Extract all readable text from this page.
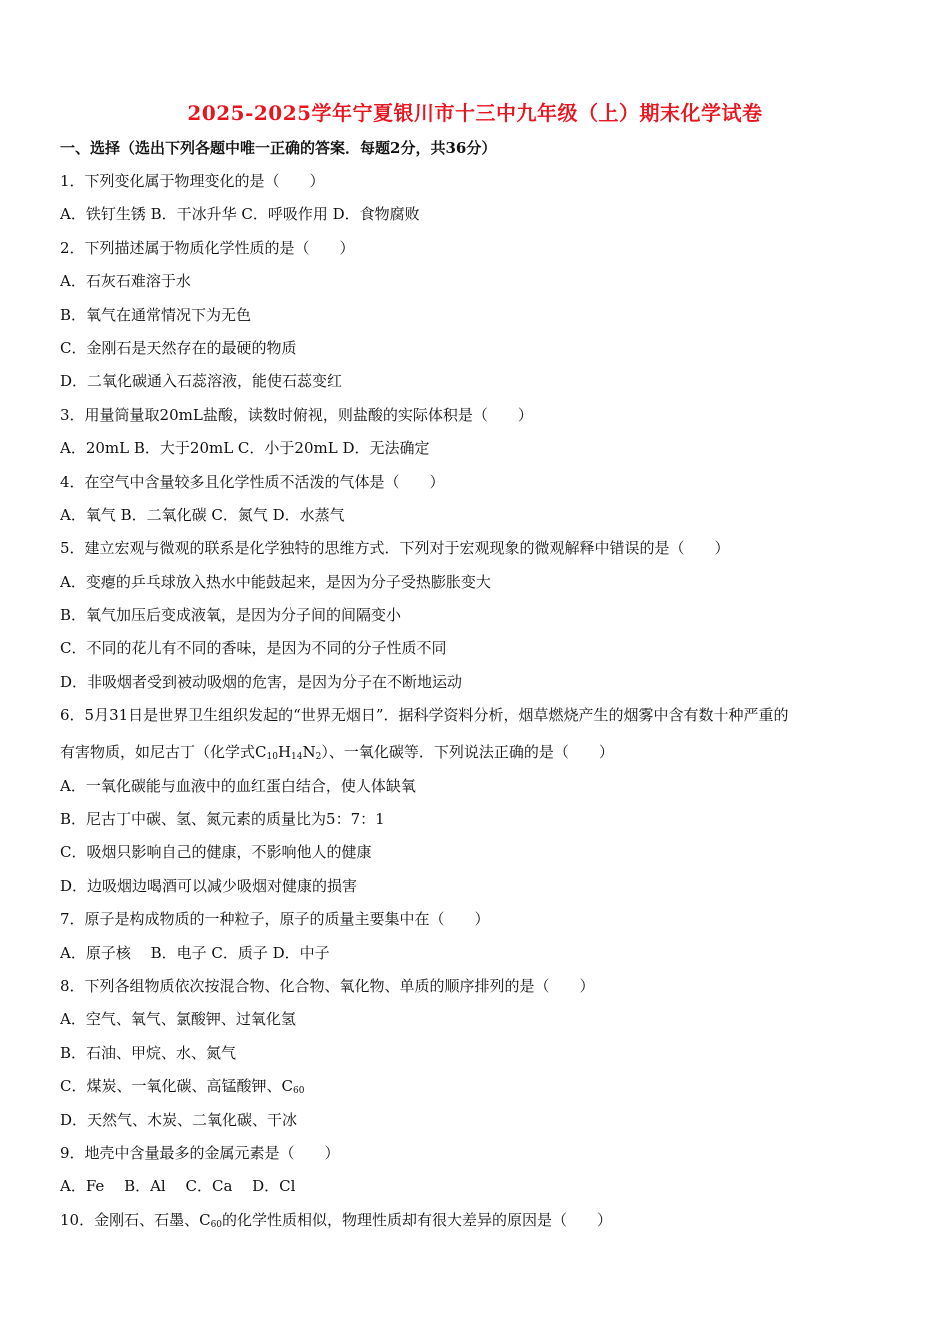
2025-2025学年宁夏银川市十三中九年级（上）期末化学试卷
一、选择（选出下列各题中唯一正确的答案．每题2分，共36分）
1．下列变化属于物理变化的是（　　）
A．铁钉生锈 B．干冰升华 C．呼吸作用 D．食物腐败
2．下列描述属于物质化学性质的是（　　）
A．石灰石难溶于水
B．氧气在通常情况下为无色
C．金刚石是天然存在的最硬的物质
D．二氧化碳通入石蕊溶液，能使石蕊变红
3．用量筒量取20mL盐酸，读数时俯视，则盐酸的实际体积是（　　）
A．20mL B．大于20mL C．小于20mL D．无法确定
4．在空气中含量较多且化学性质不活泼的气体是（　　）
A．氧气 B．二氧化碳 C．氮气 D．水蒸气
5．建立宏观与微观的联系是化学独特的思维方式．下列对于宏观现象的微观解释中错误的是（　　）
A．变瘪的乒乓球放入热水中能鼓起来，是因为分子受热膨胀变大
B．氧气加压后变成液氧，是因为分子间的间隔变小
C．不同的花儿有不同的香味，是因为不同的分子性质不同
D．非吸烟者受到被动吸烟的危害，是因为分子在不断地运动
6．5月31日是世界卫生组织发起的“世界无烟日”．据科学资料分析，烟草燃烧产生的烟雾中含有数十种严重的
有害物质，如尼古丁（化学式$C_{10}H_{14}N_2$）、一氧化碳等．下列说法正确的是（　　）
A．一氧化碳能与血液中的血红蛋白结合，使人体缺氧
B．尼古丁中碳、氢、氮元素的质量比为5：7：1
C．吸烟只影响自己的健康，不影响他人的健康
D．边吸烟边喝酒可以减少吸烟对健康的损害
7．原子是构成物质的一种粒子，原子的质量主要集中在（　　）
A．原子核　 B．电子 C．质子 D．中子
8．下列各组物质依次按混合物、化合物、氧化物、单质的顺序排列的是（　　）
A．空气、氧气、氯酸钾、过氧化氢
B．石油、甲烷、水、氮气
C．煤炭、一氧化碳、高锰酸钾、$C_{60}$
D．天然气、木炭、二氧化碳、干冰
9．地壳中含量最多的金属元素是（　　）
A．Fe　 B．Al　 C．Ca　 D．Cl
10．金刚石、石墨、$C_{60}$的化学性质相似，物理性质却有很大差异的原因是（　　）
